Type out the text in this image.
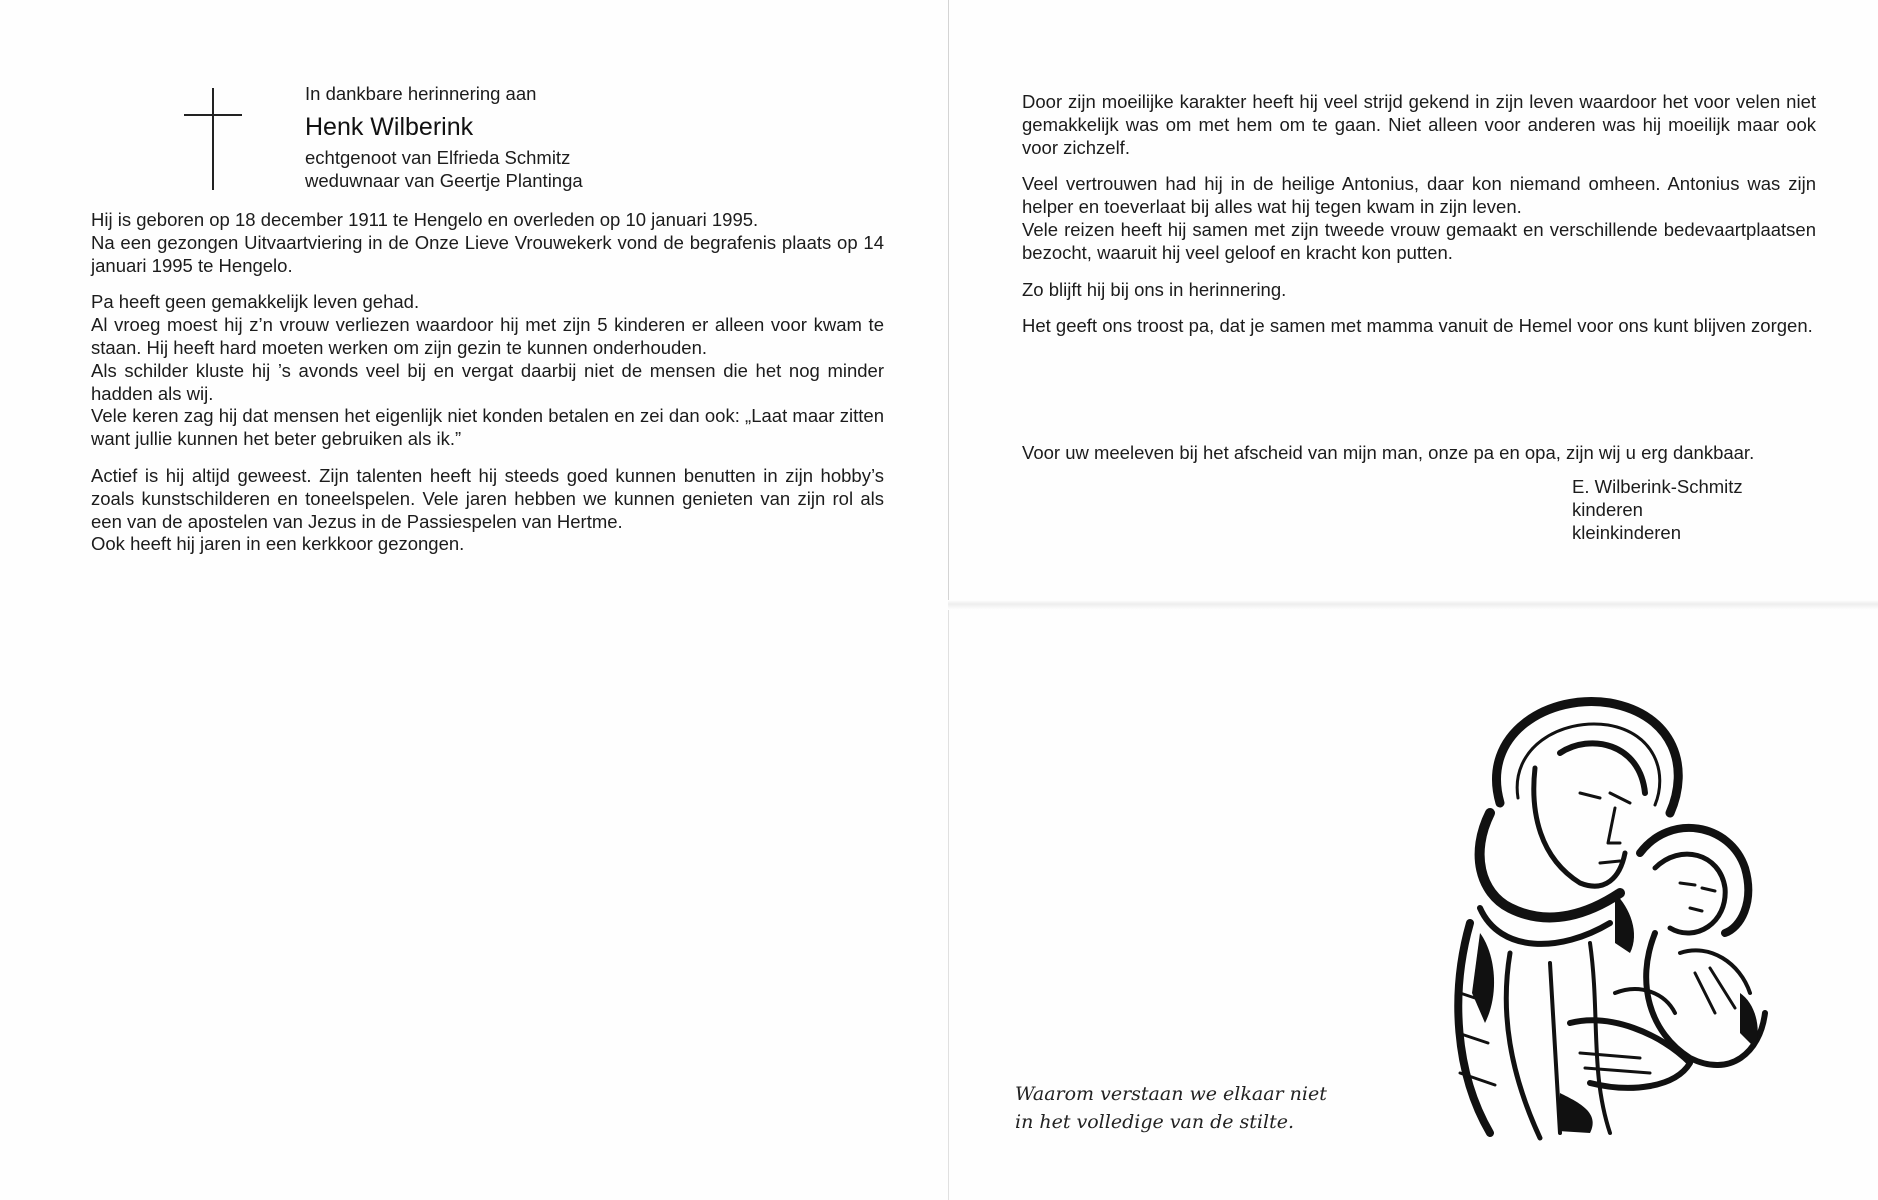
In dankbare herinnering aan
Henk Wilberink
echtgenoot van Elfrieda Schmitz
weduwnaar van Geertje Plantinga

Hij is geboren op 18 december 1911 te Hengelo en overleden op 10 januari 1995.
Na een gezongen Uitvaartviering in de Onze Lieve Vrouwekerk vond de begrafenis plaats op 14 januari 1995 te Hengelo.

Pa heeft geen gemakkelijk leven gehad.
Al vroeg moest hij z’n vrouw verliezen waardoor hij met zijn 5 kinderen er alleen voor kwam te staan. Hij heeft hard moeten werken om zijn gezin te kunnen onderhouden.
Als schilder kluste hij ’s avonds veel bij en vergat daarbij niet de mensen die het nog minder hadden als wij.
Vele keren zag hij dat mensen het eigenlijk niet konden betalen en zei dan ook: „Laat maar zitten want jullie kunnen het beter gebruiken als ik.”

Actief is hij altijd geweest. Zijn talenten heeft hij steeds goed kunnen benutten in zijn hobby’s zoals kunstschilderen en toneelspelen. Vele jaren hebben we kunnen genieten van zijn rol als een van de apostelen van Jezus in de Passiespelen van Hertme.
Ook heeft hij jaren in een kerkkoor gezongen.

Door zijn moeilijke karakter heeft hij veel strijd gekend in zijn leven waardoor het voor velen niet gemakkelijk was om met hem om te gaan. Niet alleen voor anderen was hij moeilijk maar ook voor zichzelf.

Veel vertrouwen had hij in de heilige Antonius, daar kon niemand omheen. Antonius was zijn helper en toeverlaat bij alles wat hij tegen kwam in zijn leven.
Vele reizen heeft hij samen met zijn tweede vrouw gemaakt en verschillende bedevaartplaatsen bezocht, waaruit hij veel geloof en kracht kon putten.

Zo blijft hij bij ons in herinnering.

Het geeft ons troost pa, dat je samen met mamma vanuit de Hemel voor ons kunt blijven zorgen.

Voor uw meeleven bij het afscheid van mijn man, onze pa en opa, zijn wij u erg dankbaar.
E. Wilberink-Schmitz
kinderen
kleinkinderen
Waarom verstaan we elkaar niet
in het volledige van de stilte.
